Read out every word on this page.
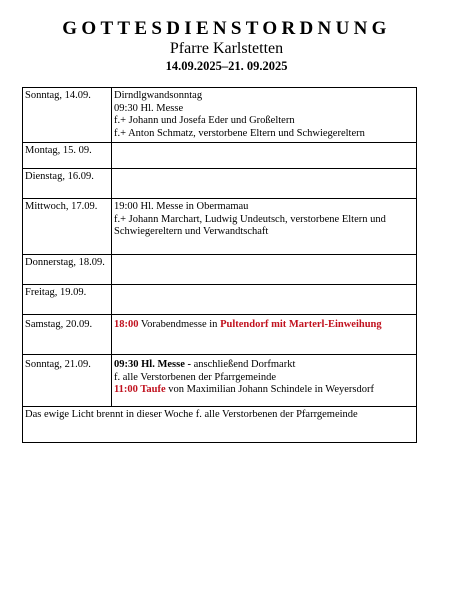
GOTTESDIENSTORDNUNG
Pfarre Karlstetten
14.09.2025–21. 09.2025
Sonntag, 14.09.	Dirndlgwandsonntag
09:30 Hl. Messe
f.+ Johann und Josefa Eder und Großeltern
f.+ Anton Schmatz, verstorbene Eltern und Schwiegereltern

Montag, 15. 09.	
Dienstag, 16.09.	
Mittwoch, 17.09.	19:00 Hl. Messe in Obermamau
f.+ Johann Marchart, Ludwig Undeutsch, verstorbene Eltern und Schwiegereltern und Verwandtschaft

Donnerstag, 18.09.	
Freitag, 19.09.	
Samstag, 20.09.	18:00 Vorabendmesse in Pultendorf mit Marterl-Einweihung

Sonntag, 21.09.	09:30 Hl. Messe - anschließend Dorfmarkt
f. alle Verstorbenen der Pfarrgemeinde
11:00 Taufe von Maximilian Johann Schindele in Weyersdorf

Das ewige Licht brennt in dieser Woche f. alle Verstorbenen der Pfarrgemeinde	
